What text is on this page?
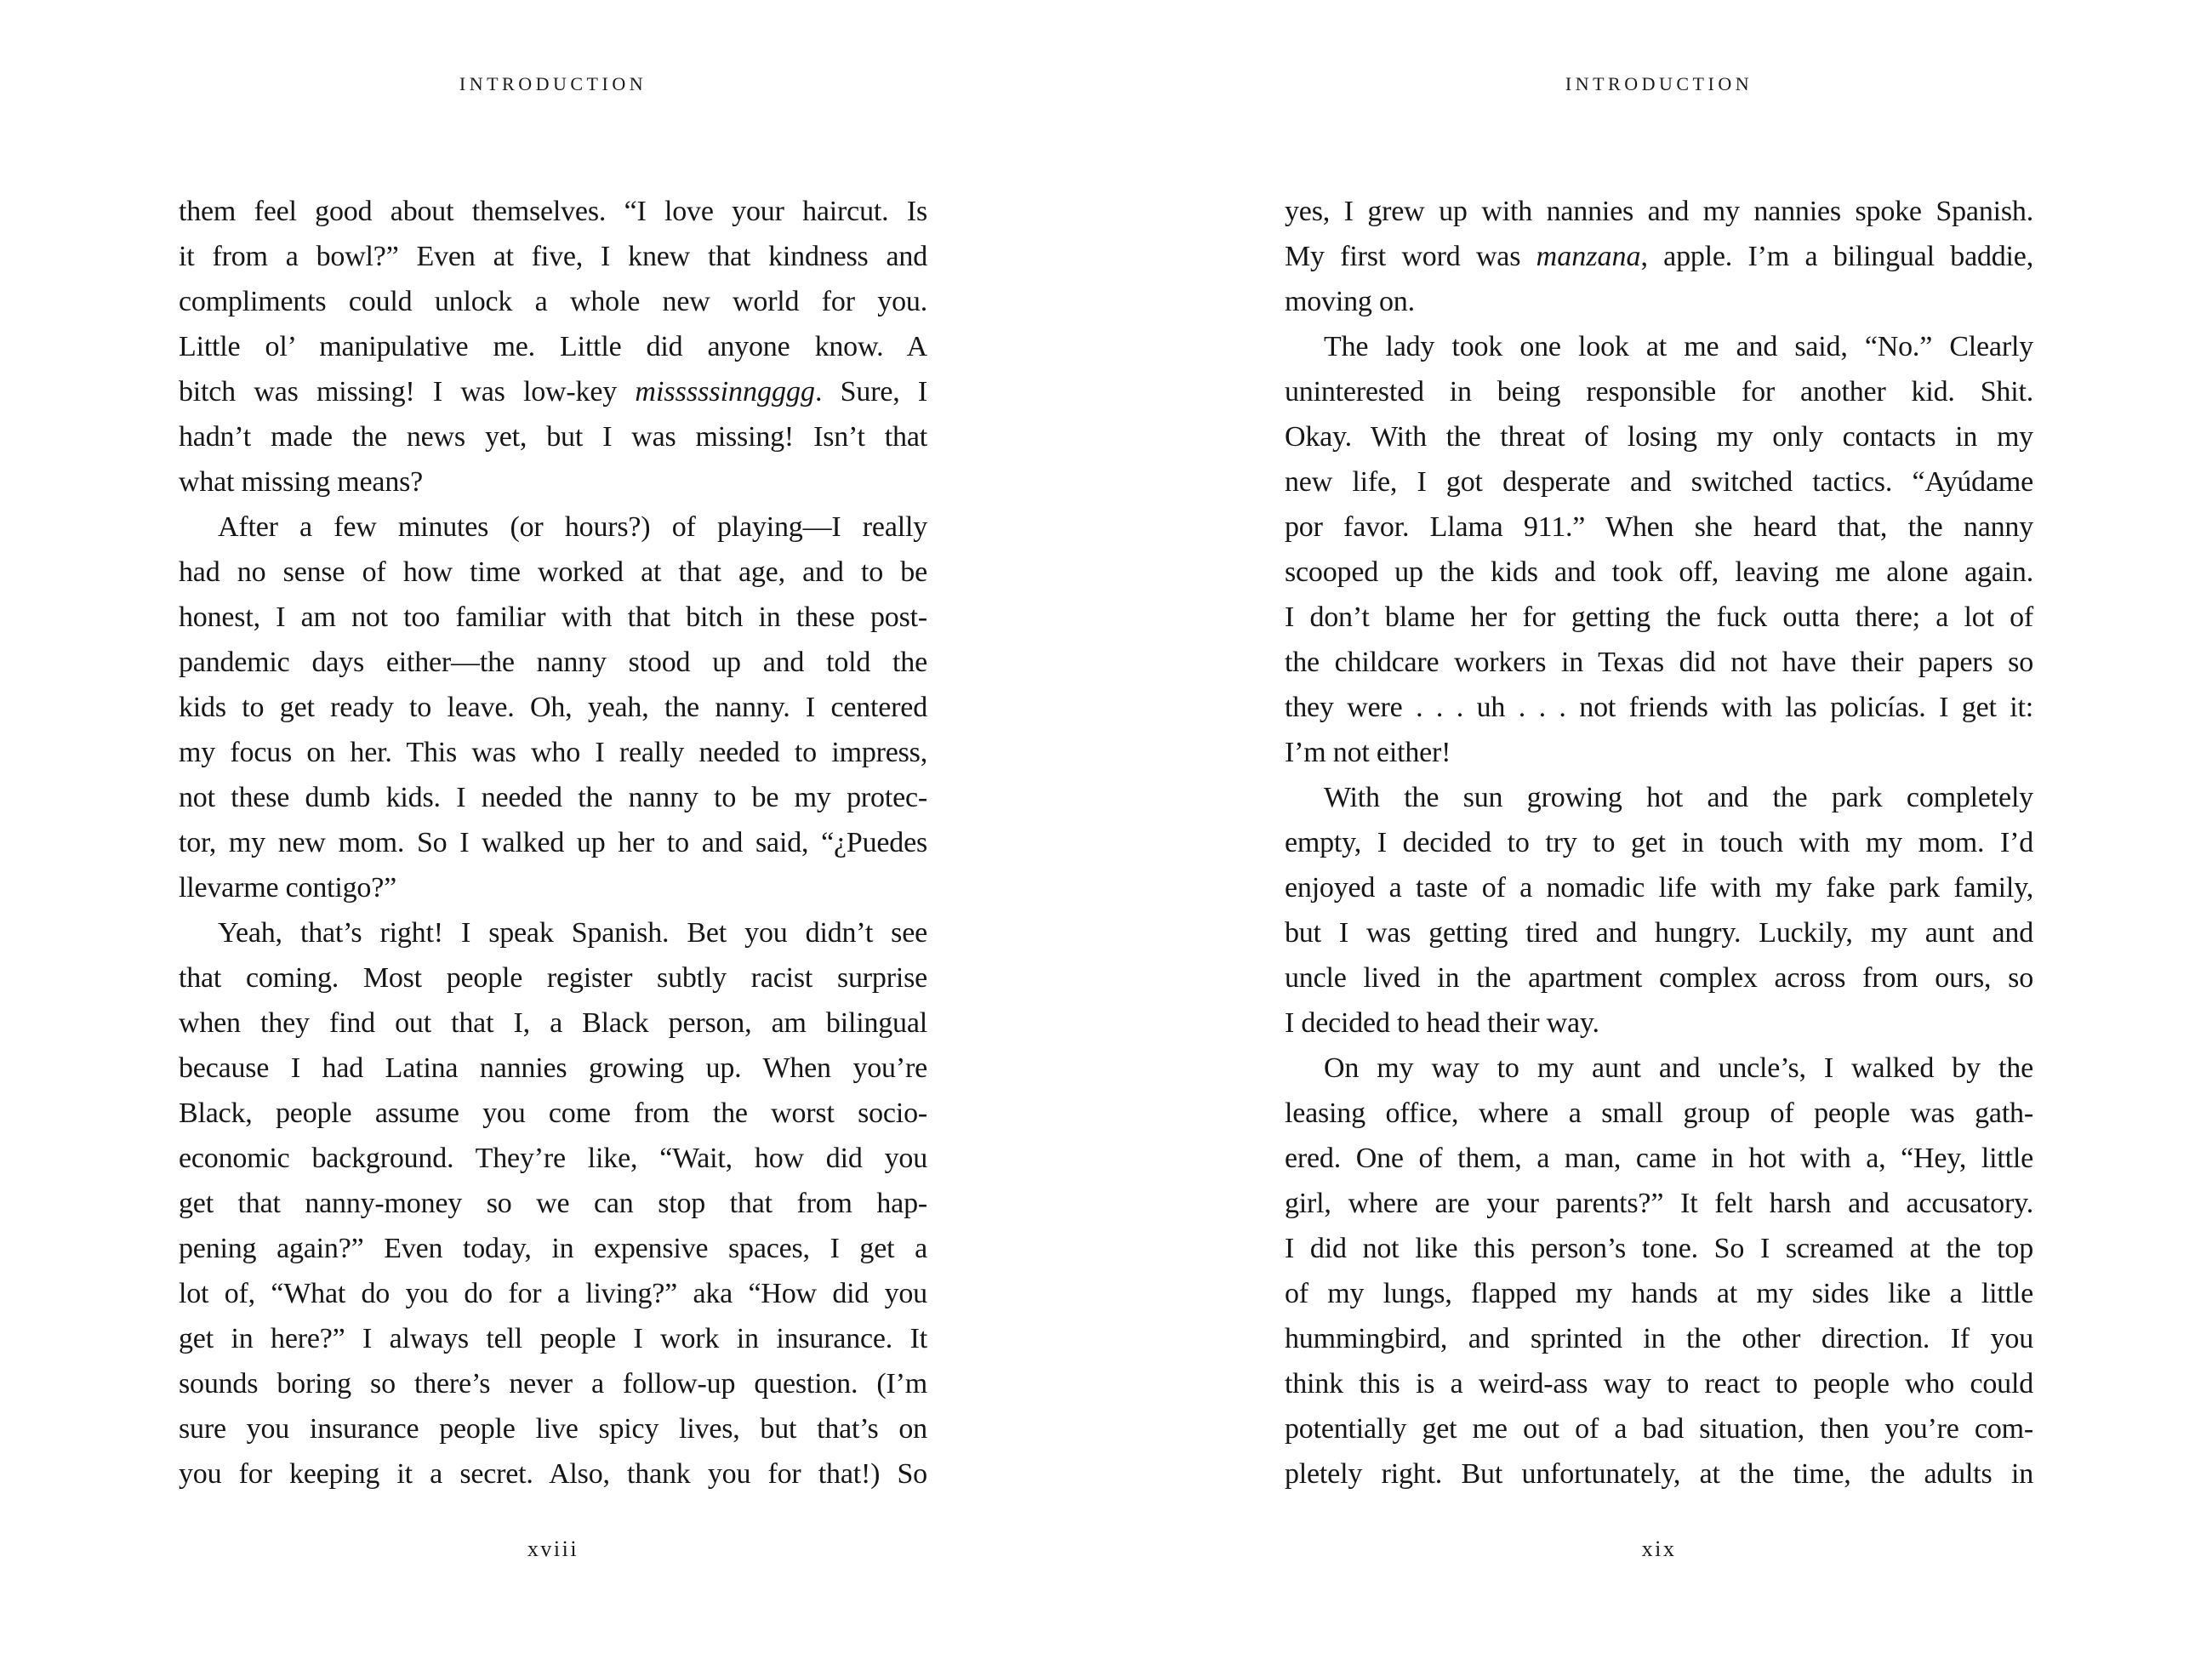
INTRODUCTION
them feel good about themselves. “I love your haircut. Is
it from a bowl?” Even at five, I knew that kindness and
compliments could unlock a whole new world for you.
Little ol’ manipulative me. Little did anyone know. A
bitch was missing! I was low-key misssssinngggg. Sure, I
hadn’t made the news yet, but I was missing! Isn’t that
what missing means?
After a few minutes (or hours?) of playing—I really
had no sense of how time worked at that age, and to be
honest, I am not too familiar with that bitch in these post-
pandemic days either—the nanny stood up and told the
kids to get ready to leave. Oh, yeah, the nanny. I centered
my focus on her. This was who I really needed to impress,
not these dumb kids. I needed the nanny to be my protec-
tor, my new mom. So I walked up her to and said, “¿Puedes
llevarme contigo?”
Yeah, that’s right! I speak Spanish. Bet you didn’t see
that coming. Most people register subtly racist surprise
when they find out that I, a Black person, am bilingual
because I had Latina nannies growing up. When you’re
Black, people assume you come from the worst socio-
economic background. They’re like, “Wait, how did you
get that nanny-money so we can stop that from hap-
pening again?” Even today, in expensive spaces, I get a
lot of, “What do you do for a living?” aka “How did you
get in here?” I always tell people I work in insurance. It
sounds boring so there’s never a follow-up question. (I’m
sure you insurance people live spicy lives, but that’s on
you for keeping it a secret. Also, thank you for that!) So
xviii
INTRODUCTION
yes, I grew up with nannies and my nannies spoke Spanish.
My first word was manzana, apple. I’m a bilingual baddie,
moving on.
The lady took one look at me and said, “No.” Clearly
uninterested in being responsible for another kid. Shit.
Okay. With the threat of losing my only contacts in my
new life, I got desperate and switched tactics. “Ayúdame
por favor. Llama 911.” When she heard that, the nanny
scooped up the kids and took off, leaving me alone again.
I don’t blame her for getting the fuck outta there; a lot of
the childcare workers in Texas did not have their papers so
they were . . . uh . . . not friends with las policías. I get it:
I’m not either!
With the sun growing hot and the park completely
empty, I decided to try to get in touch with my mom. I’d
enjoyed a taste of a nomadic life with my fake park family,
but I was getting tired and hungry. Luckily, my aunt and
uncle lived in the apartment complex across from ours, so
I decided to head their way.
On my way to my aunt and uncle’s, I walked by the
leasing office, where a small group of people was gath-
ered. One of them, a man, came in hot with a, “Hey, little
girl, where are your parents?” It felt harsh and accusatory.
I did not like this person’s tone. So I screamed at the top
of my lungs, flapped my hands at my sides like a little
hummingbird, and sprinted in the other direction. If you
think this is a weird-ass way to react to people who could
potentially get me out of a bad situation, then you’re com-
pletely right. But unfortunately, at the time, the adults in
xix
